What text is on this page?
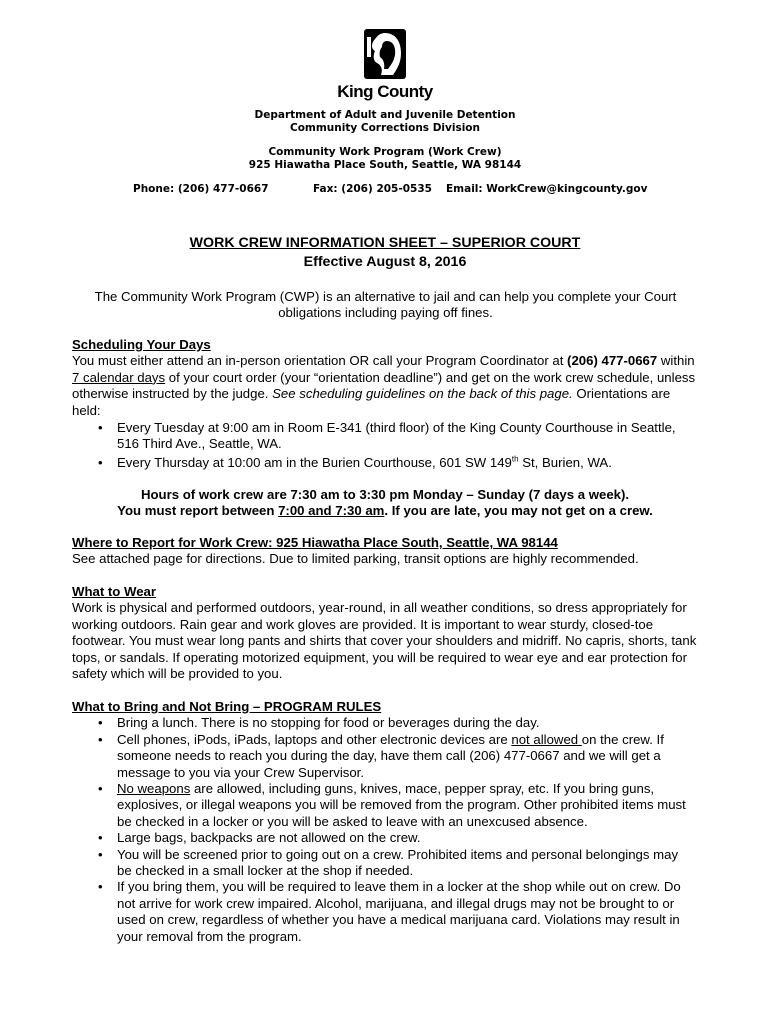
King County
Department of Adult and Juvenile Detention
Community Corrections Division
Community Work Program (Work Crew)
925 Hiawatha Place South, Seattle, WA 98144
Phone: (206) 477-0667	Fax: (206) 205-0535 Email: WorkCrew@kingcounty.gov
WORK CREW INFORMATION SHEET – SUPERIOR COURT
Effective August 8, 2016
The Community Work Program (CWP) is an alternative to jail and can help you complete your Court obligations including paying off fines.
Scheduling Your Days
You must either attend an in-person orientation OR call your Program Coordinator at (206) 477-0667 within 7 calendar days of your court order (your “orientation deadline”) and get on the work crew schedule, unless otherwise instructed by the judge. See scheduling guidelines on the back of this page. Orientations are held:
• Every Tuesday at 9:00 am in Room E-341 (third floor) of the King County Courthouse in Seattle, 516 Third Ave., Seattle, WA.
• Every Thursday at 10:00 am in the Burien Courthouse, 601 SW 149th St, Burien, WA.
Hours of work crew are 7:30 am to 3:30 pm Monday – Sunday (7 days a week).
You must report between 7:00 and 7:30 am. If you are late, you may not get on a crew.
Where to Report for Work Crew: 925 Hiawatha Place South, Seattle, WA 98144
See attached page for directions. Due to limited parking, transit options are highly recommended.
What to Wear
Work is physical and performed outdoors, year-round, in all weather conditions, so dress appropriately for working outdoors. Rain gear and work gloves are provided. It is important to wear sturdy, closed-toe footwear. You must wear long pants and shirts that cover your shoulders and midriff. No capris, shorts, tank tops, or sandals. If operating motorized equipment, you will be required to wear eye and ear protection for safety which will be provided to you.
What to Bring and Not Bring – PROGRAM RULES
• Bring a lunch. There is no stopping for food or beverages during the day.
• Cell phones, iPods, iPads, laptops and other electronic devices are not allowed on the crew. If someone needs to reach you during the day, have them call (206) 477-0667 and we will get a message to you via your Crew Supervisor.
• No weapons are allowed, including guns, knives, mace, pepper spray, etc. If you bring guns, explosives, or illegal weapons you will be removed from the program. Other prohibited items must be checked in a locker or you will be asked to leave with an unexcused absence.
• Large bags, backpacks are not allowed on the crew.
• You will be screened prior to going out on a crew. Prohibited items and personal belongings may be checked in a small locker at the shop if needed.
• If you bring them, you will be required to leave them in a locker at the shop while out on crew. Do not arrive for work crew impaired. Alcohol, marijuana, and illegal drugs may not be brought to or used on crew, regardless of whether you have a medical marijuana card. Violations may result in your removal from the program.
